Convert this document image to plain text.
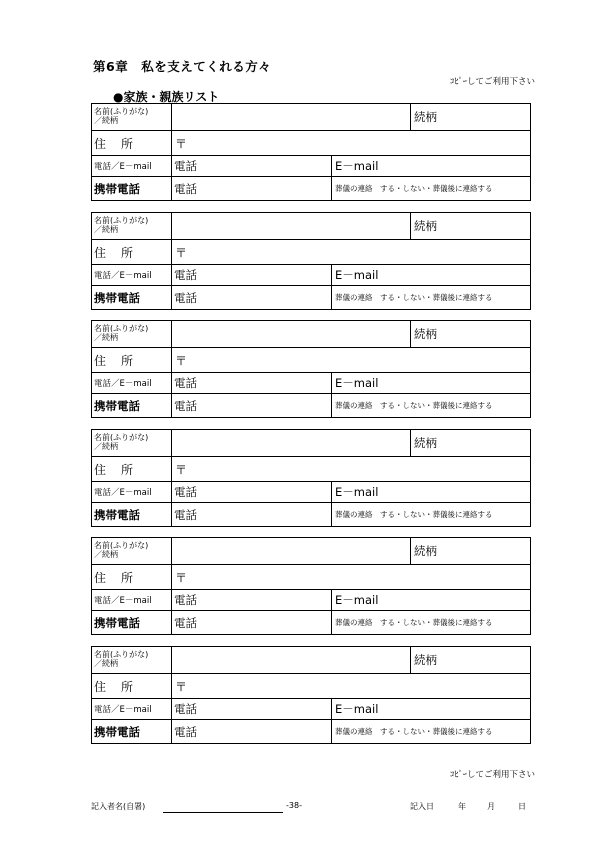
第6章　私を支えてくれる方々
ｺﾋﾟｰしてご利用下さい
●家族・親族リスト
名前(ふりがな)
／続柄	続柄
住 所	〒
電話／E－mail	電話	E－mail
携帯電話	電話	葬儀の連絡　する・しない・葬儀後に連絡する
名前(ふりがな)
／続柄	続柄
住 所	〒
電話／E－mail	電話	E－mail
携帯電話	電話	葬儀の連絡　する・しない・葬儀後に連絡する
名前(ふりがな)
／続柄	続柄
住 所	〒
電話／E－mail	電話	E－mail
携帯電話	電話	葬儀の連絡　する・しない・葬儀後に連絡する
名前(ふりがな)
／続柄	続柄
住 所	〒
電話／E－mail	電話	E－mail
携帯電話	電話	葬儀の連絡　する・しない・葬儀後に連絡する
名前(ふりがな)
／続柄	続柄
住 所	〒
電話／E－mail	電話	E－mail
携帯電話	電話	葬儀の連絡　する・しない・葬儀後に連絡する
名前(ふりがな)
／続柄	続柄
住 所	〒
電話／E－mail	電話	E－mail
携帯電話	電話	葬儀の連絡　する・しない・葬儀後に連絡する
ｺﾋﾟｰしてご利用下さい
記入者名(自署)	-38-	記入日	年	月	日
